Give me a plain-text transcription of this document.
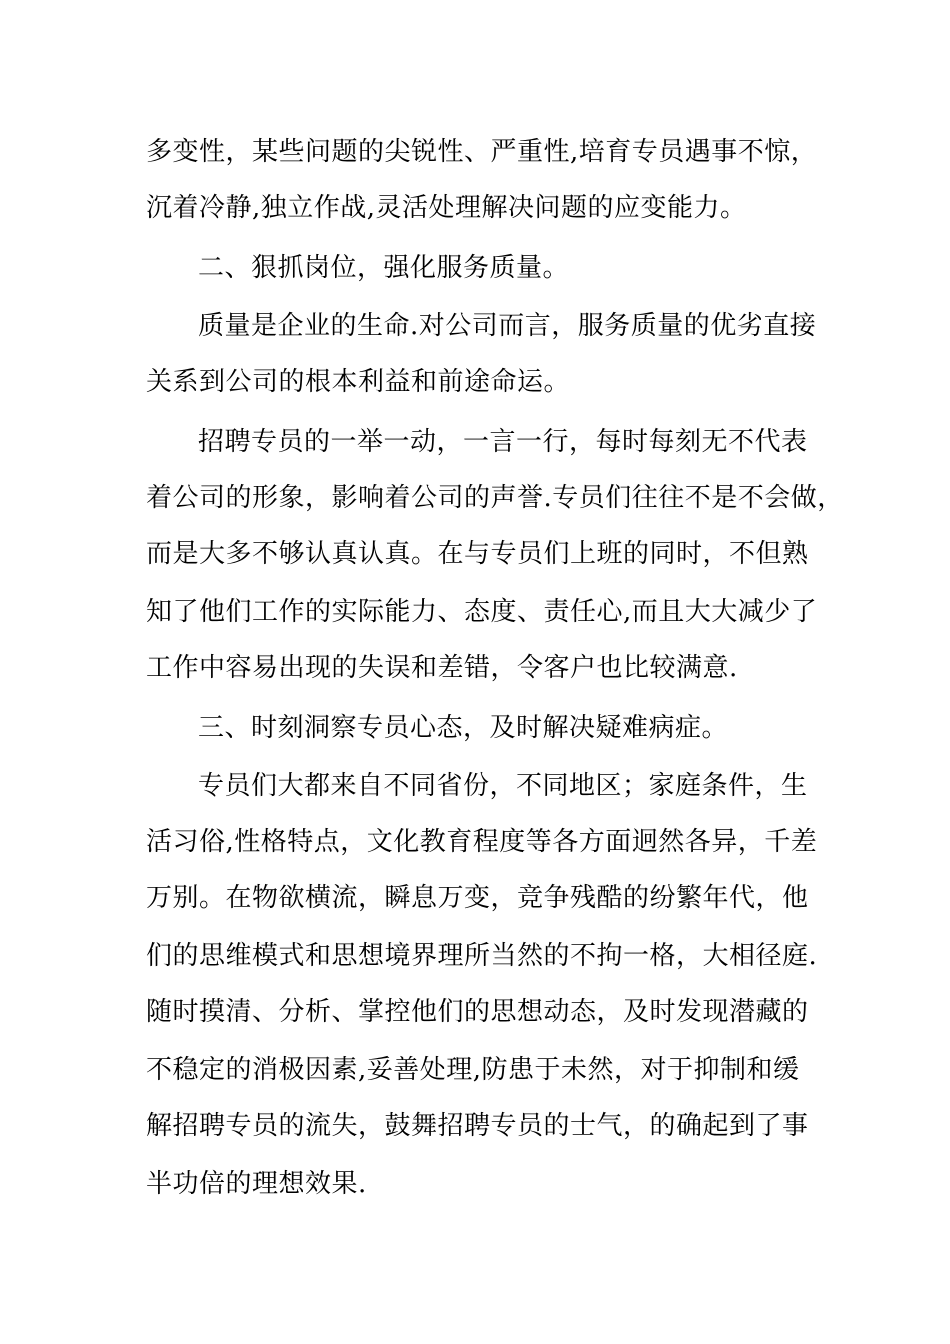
多变性，某些问题的尖锐性、严重性,培育专员遇事不惊，
沉着冷静,独立作战,灵活处理解决问题的应变能力。
二、狠抓岗位，强化服务质量。
质量是企业的生命.对公司而言，服务质量的优劣直接
关系到公司的根本利益和前途命运。
招聘专员的一举一动，一言一行，每时每刻无不代表
着公司的形象，影响着公司的声誉.专员们往往不是不会做，
而是大多不够认真认真。在与专员们上班的同时，不但熟
知了他们工作的实际能力、态度、责任心,而且大大减少了
工作中容易出现的失误和差错，令客户也比较满意.
三、时刻洞察专员心态，及时解决疑难病症。
专员们大都来自不同省份，不同地区；家庭条件，生
活习俗,性格特点，文化教育程度等各方面迥然各异，千差
万别。在物欲横流，瞬息万变，竞争残酷的纷繁年代，他
们的思维模式和思想境界理所当然的不拘一格，大相径庭.
随时摸清、分析、掌控他们的思想动态，及时发现潜藏的
不稳定的消极因素,妥善处理,防患于未然，对于抑制和缓
解招聘专员的流失，鼓舞招聘专员的士气，的确起到了事
半功倍的理想效果.
